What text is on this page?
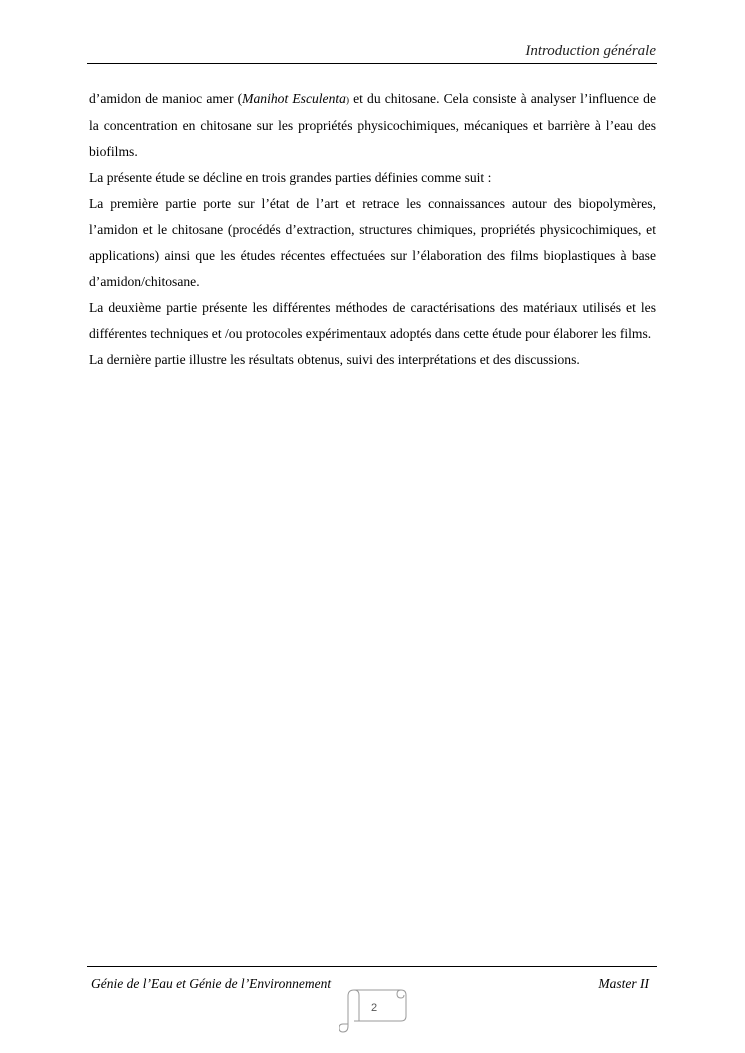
Introduction générale

d’amidon de manioc amer (Manihot Esculenta) et du chitosane. Cela consiste à analyser l’influence de la concentration en chitosane sur les propriétés physicochimiques, mécaniques et barrière à l’eau des biofilms.

La présente étude se décline en trois grandes parties définies comme suit :

La première partie porte sur l’état de l’art et retrace les connaissances autour des biopolymères, l’amidon et le chitosane (procédés d’extraction, structures chimiques, propriétés physicochimiques, et applications) ainsi que les études récentes effectuées sur l’élaboration des films bioplastiques à base d’amidon/chitosane.

La deuxième partie présente les différentes méthodes de caractérisations des matériaux utilisés et les différentes techniques et /ou protocoles expérimentaux adoptés dans cette étude pour élaborer les films.

La dernière partie illustre les résultats obtenus, suivi des interprétations et des discussions.

Génie de l’Eau et Génie de l’Environnement	Master II
2
